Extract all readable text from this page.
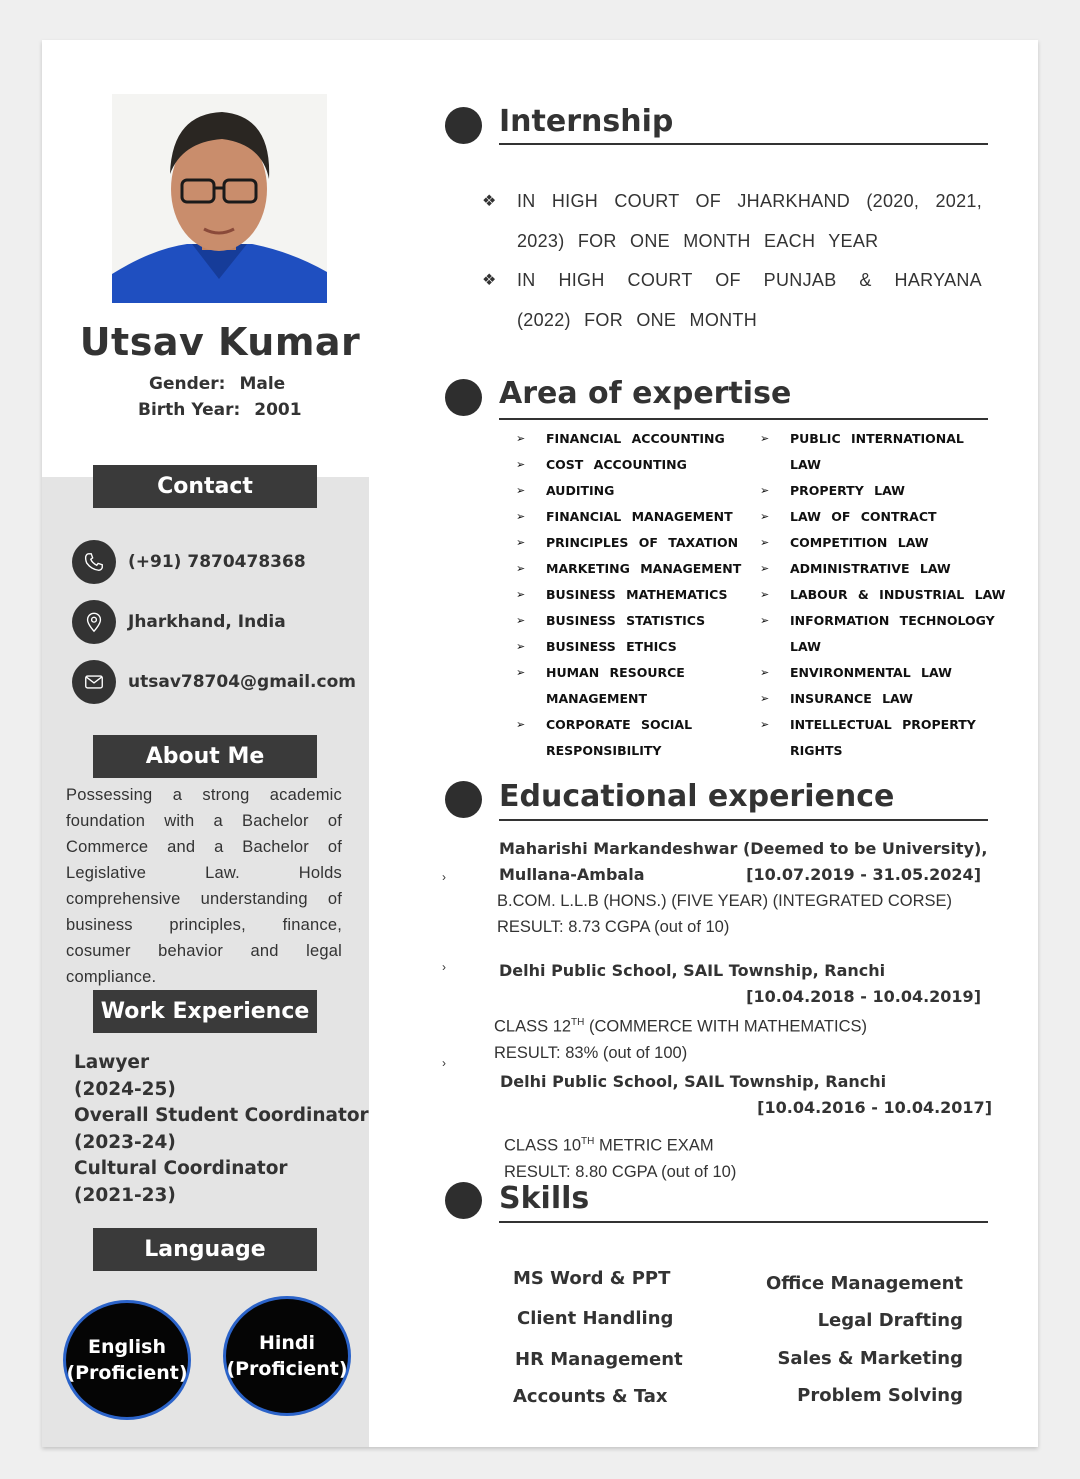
Utsav Kumar
Gender: Male
Birth Year: 2001
Contact
(+91) 7870478368
Jharkhand, India
utsav78704@gmail.com
About Me
Possessing a strong academic foundation with a Bachelor of Commerce and a Bachelor of Legislative Law. Holds comprehensive understanding of business principles, finance, cosumer behavior and legal compliance.
Work Experience
Lawyer
(2024-25)
Overall Student Coordinator
(2023-24)
Cultural Coordinator
(2021-23)
Language
English
(Proficient)
Hindi
(Proficient)
Internship
❖ IN HIGH COURT OF JHARKHAND (2020, 2021, 2023) FOR ONE MONTH EACH YEAR
❖ IN HIGH COURT OF PUNJAB & HARYANA (2022) FOR ONE MONTH
Area of expertise
➢ FINANCIAL ACCOUNTING
➢ COST ACCOUNTING
➢ AUDITING
➢ FINANCIAL MANAGEMENT
➢ PRINCIPLES OF TAXATION
➢ MARKETING MANAGEMENT
➢ BUSINESS MATHEMATICS
➢ BUSINESS STATISTICS
➢ BUSINESS ETHICS
➢ HUMAN RESOURCE
MANAGEMENT
➢ CORPORATE SOCIAL
RESPONSIBILITY
➢ PUBLIC INTERNATIONAL
LAW
➢ PROPERTY LAW
➢ LAW OF CONTRACT
➢ COMPETITION LAW
➢ ADMINISTRATIVE LAW
➢ LABOUR & INDUSTRIAL LAW
➢ INFORMATION TECHNOLOGY
LAW
➢ ENVIRONMENTAL LAW
➢ INSURANCE LAW
➢ INTELLECTUAL PROPERTY
RIGHTS
Educational experience
›
Maharishi Markandeshwar (Deemed to be University),
Mullana-Ambala	[10.07.2019 - 31.05.2024]
B.COM. L.L.B (HONS.) (FIVE YEAR) (INTEGRATED CORSE)
RESULT: 8.73 CGPA (out of 10)
›	Delhi Public School, SAIL Township, Ranchi
[10.04.2018 - 10.04.2019]
CLASS 12TH (COMMERCE WITH MATHEMATICS)
RESULT: 83% (out of 100)
›
Delhi Public School, SAIL Township, Ranchi
[10.04.2016 - 10.04.2017]
CLASS 10TH METRIC EXAM
RESULT: 8.80 CGPA (out of 10)
Skills
MS Word & PPT	Office Management
Client Handling	Legal Drafting
HR Management	Sales & Marketing
Accounts & Tax	Problem Solving
